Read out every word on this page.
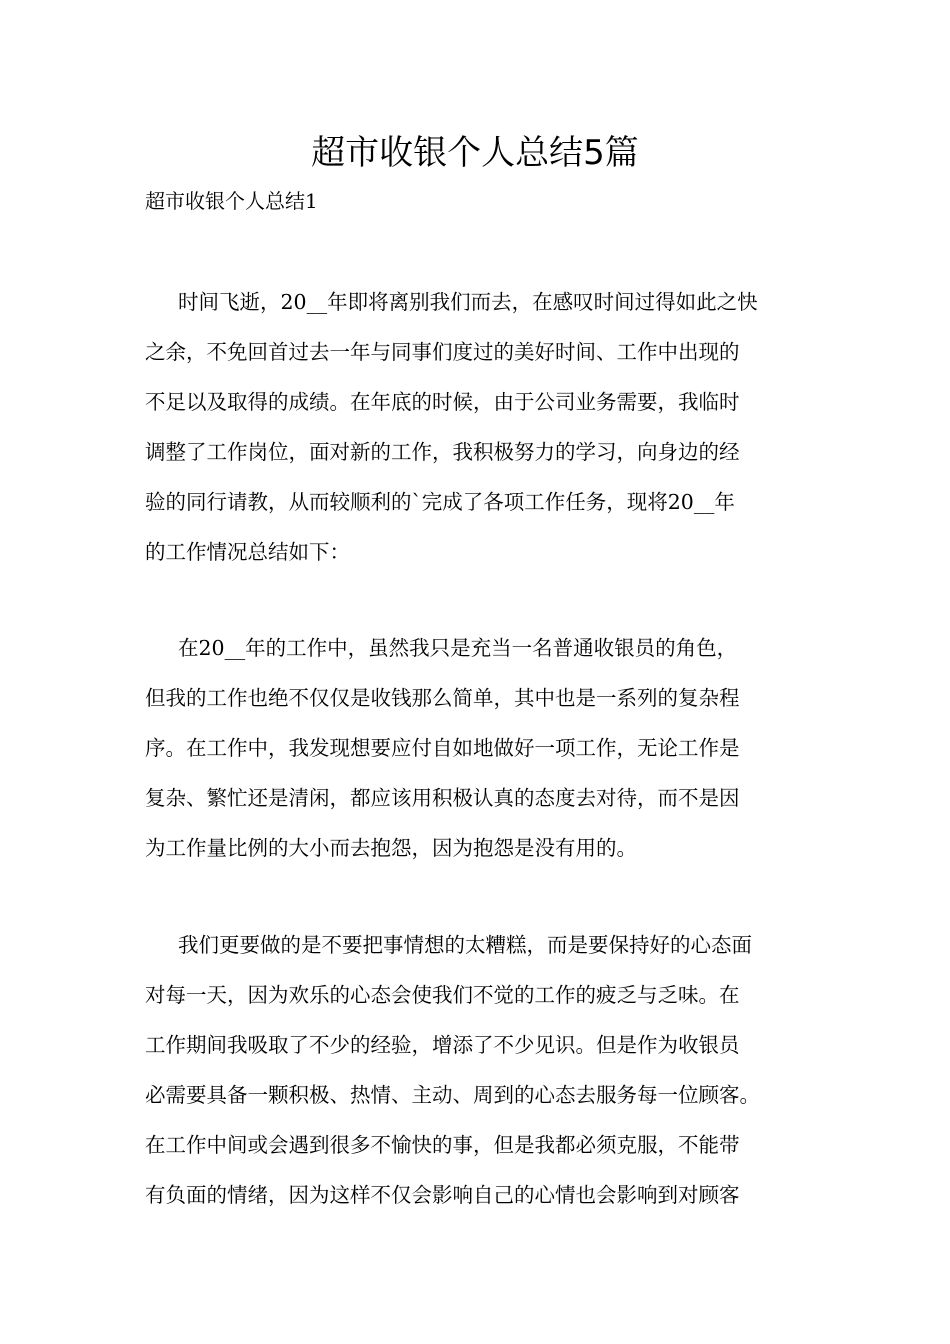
超市收银个人总结5篇
超市收银个人总结1
时间飞逝，20__年即将离别我们而去，在感叹时间过得如此之快
之余，不免回首过去一年与同事们度过的美好时间、工作中出现的
不足以及取得的成绩。在年底的时候，由于公司业务需要，我临时
调整了工作岗位，面对新的工作，我积极努力的学习，向身边的经
验的同行请教，从而较顺利的`完成了各项工作任务，现将20__年
的工作情况总结如下：
在20__年的工作中，虽然我只是充当一名普通收银员的角色，
但我的工作也绝不仅仅是收钱那么简单，其中也是一系列的复杂程
序。在工作中，我发现想要应付自如地做好一项工作，无论工作是
复杂、繁忙还是清闲，都应该用积极认真的态度去对待，而不是因
为工作量比例的大小而去抱怨，因为抱怨是没有用的。
我们更要做的是不要把事情想的太糟糕，而是要保持好的心态面
对每一天，因为欢乐的心态会使我们不觉的工作的疲乏与乏味。在
工作期间我吸取了不少的经验，增添了不少见识。但是作为收银员
必需要具备一颗积极、热情、主动、周到的心态去服务每一位顾客。
在工作中间或会遇到很多不愉快的事，但是我都必须克服，不能带
有负面的情绪，因为这样不仅会影响自己的心情也会影响到对顾客
